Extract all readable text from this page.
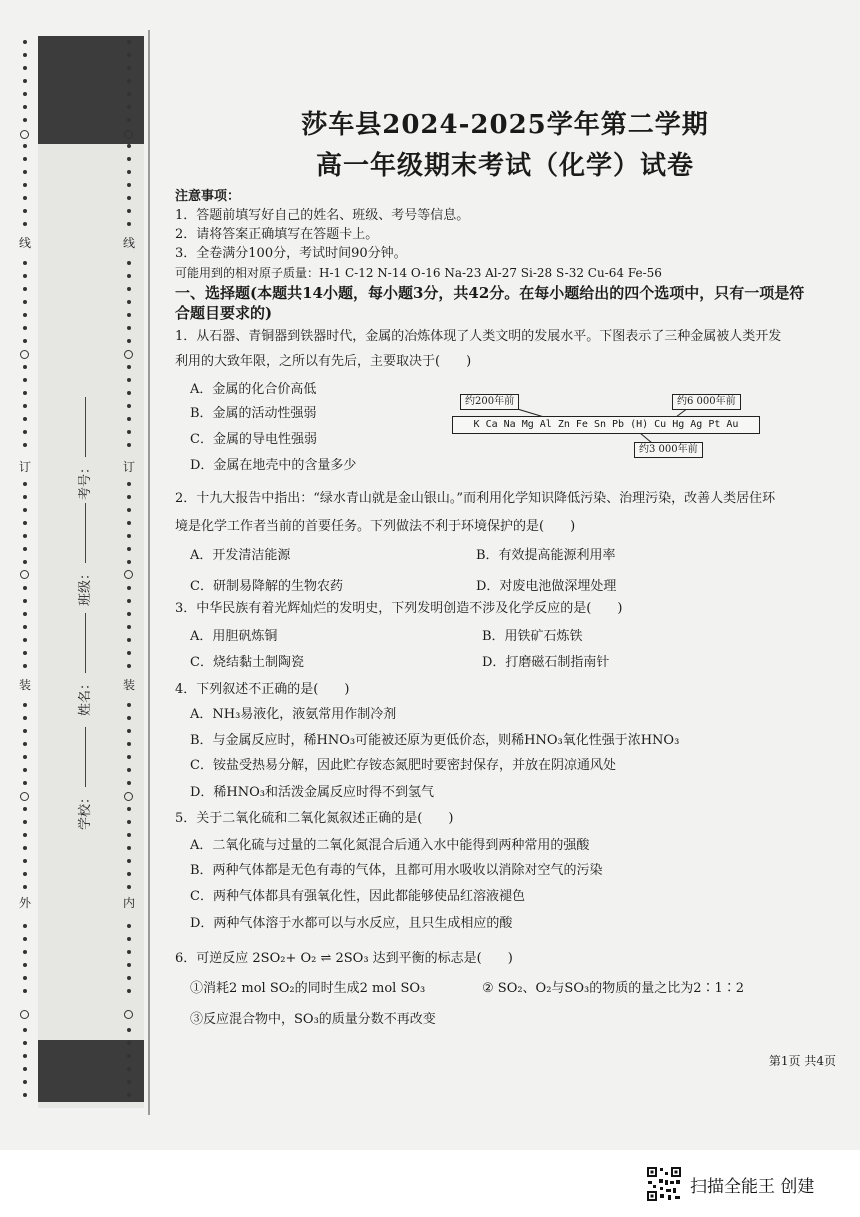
线
订
装
外
线
订
装
内
考号：
班级：
姓名：
学校：
莎车县2024-2025学年第二学期
高一年级期末考试（化学）试卷
注意事项：
1．答题前填写好自己的姓名、班级、考号等信息。
2．请将答案正确填写在答题卡上。
3．全卷满分100分，考试时间90分钟。
可能用到的相对原子质量：H-1 C-12 N-14 O-16 Na-23 Al-27 Si-28 S-32 Cu-64 Fe-56
一、选择题(本题共14小题，每小题3分，共42分。在每小题给出的四个选项中，只有一项是符
合题目要求的)
1．从石器、青铜器到铁器时代，金属的冶炼体现了人类文明的发展水平。下图表示了三种金属被人类开发
利用的大致年限，之所以有先后，主要取决于(　　)
A．金属的化合价高低
B．金属的活动性强弱
C．金属的导电性强弱
D．金属在地壳中的含量多少
约200年前	约6 000年前
K Ca Na Mg Al Zn Fe Sn Pb (H) Cu Hg Ag Pt Au
约3 000年前
2．十九大报告中指出：“绿水青山就是金山银山。”而利用化学知识降低污染、治理污染，改善人类居住环
境是化学工作者当前的首要任务。下列做法不利于环境保护的是(　　)
A．开发清洁能源	B．有效提高能源利用率
C．研制易降解的生物农药	D．对废电池做深埋处理
3．中华民族有着光辉灿烂的发明史，下列发明创造不涉及化学反应的是(　　)
A．用胆矾炼铜	B．用铁矿石炼铁
C．烧结黏土制陶瓷	D．打磨磁石制指南针
4．下列叙述不正确的是(　　)
A．NH₃易液化，液氨常用作制冷剂
B．与金属反应时，稀HNO₃可能被还原为更低价态，则稀HNO₃氧化性强于浓HNO₃
C．铵盐受热易分解，因此贮存铵态氮肥时要密封保存，并放在阴凉通风处
D．稀HNO₃和活泼金属反应时得不到氢气
5．关于二氧化硫和二氧化氮叙述正确的是(　　)
A．二氧化硫与过量的二氧化氮混合后通入水中能得到两种常用的强酸
B．两种气体都是无色有毒的气体，且都可用水吸收以消除对空气的污染
C．两种气体都具有强氧化性，因此都能够使品红溶液褪色
D．两种气体溶于水都可以与水反应，且只生成相应的酸
6．可逆反应 2SO₂+ O₂ ⇌ 2SO₃ 达到平衡的标志是(　　)
①消耗2 mol SO₂的同时生成2 mol SO₃	② SO₂、O₂与SO₃的物质的量之比为2∶1∶2
③反应混合物中，SO₃的质量分数不再改变
第1页 共4页
扫描全能王 创建
